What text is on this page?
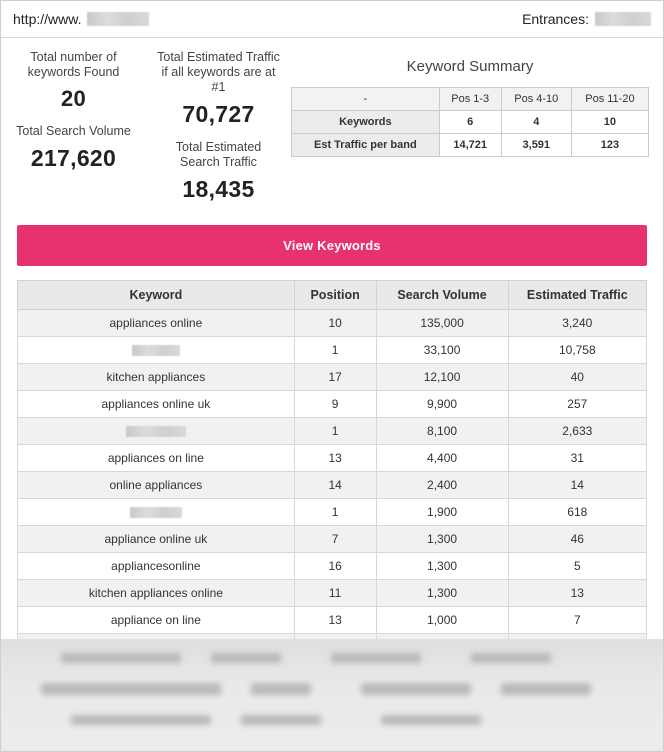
http://www.	Entrances:
Total number of keywords Found
20
Total Search Volume
217,620
Total Estimated Traffic if all keywords are at #1
70,727
Total Estimated Search Traffic
18,435
Keyword Summary
-	Pos 1-3	Pos 4-10	Pos 11-20
Keywords	6	4	10
Est Traffic per band	14,721	3,591	123
View Keywords
Keyword	Position	Search Volume	Estimated Traffic
appliances online	10	135,000	3,240
	1	33,100	10,758
kitchen appliances	17	12,100	40
appliances online uk	9	9,900	257
	1	8,100	2,633
appliances on line	13	4,400	31
online appliances	14	2,400	14
	1	1,900	618
appliance online uk	7	1,300	46
appliancesonline	16	1,300	5
kitchen appliances online	11	1,300	13
appliance on line	13	1,000	7
